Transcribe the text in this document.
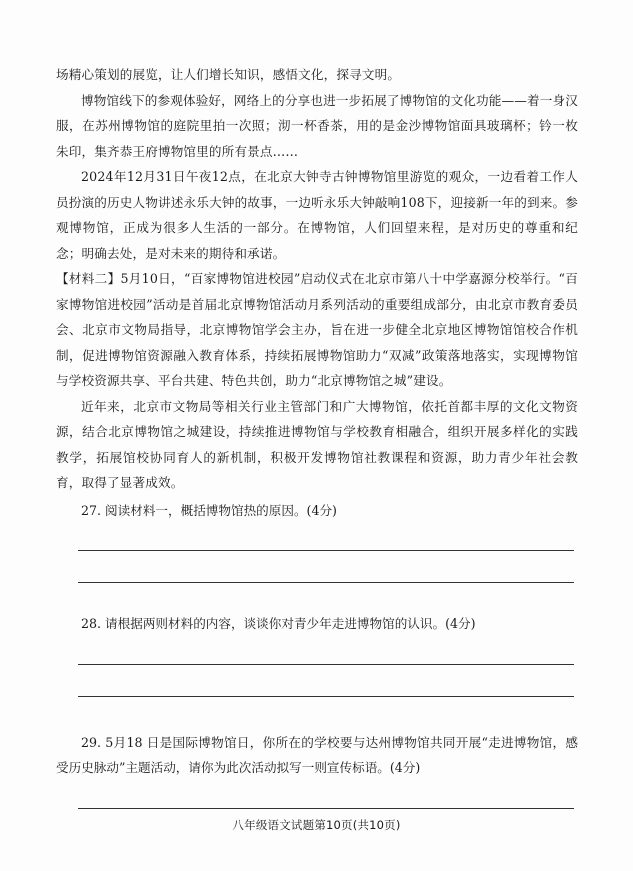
场精心策划的展览，让人们增长知识，感悟文化，探寻文明。

博物馆线下的参观体验好，网络上的分享也进一步拓展了博物馆的文化功能——着一身汉服，在苏州博物馆的庭院里拍一次照；沏一杯香茶，用的是金沙博物馆面具玻璃杯；钤一枚朱印，集齐恭王府博物馆里的所有景点……

2024年12月31日午夜12点，在北京大钟寺古钟博物馆里游览的观众，一边看着工作人员扮演的历史人物讲述永乐大钟的故事，一边听永乐大钟敲响108下，迎接新一年的到来。参观博物馆，正成为很多人生活的一部分。在博物馆，人们回望来程，是对历史的尊重和纪念；明确去处，是对未来的期待和承诺。

【材料二】5月10日，“百家博物馆进校园”启动仪式在北京市第八十中学嘉源分校举行。“百家博物馆进校园”活动是首届北京博物馆活动月系列活动的重要组成部分，由北京市教育委员会、北京市文物局指导，北京博物馆学会主办，旨在进一步健全北京地区博物馆馆校合作机制，促进博物馆资源融入教育体系，持续拓展博物馆助力“双减”政策落地落实，实现博物馆与学校资源共享、平台共建、特色共创，助力“北京博物馆之城”建设。

近年来，北京市文物局等相关行业主管部门和广大博物馆，依托首都丰厚的文化文物资源，结合北京博物馆之城建设，持续推进博物馆与学校教育相融合，组织开展多样化的实践教学，拓展馆校协同育人的新机制，积极开发博物馆社教课程和资源，助力青少年社会教育，取得了显著成效。

27. 阅读材料一，概括博物馆热的原因。(4分)

28. 请根据两则材料的内容，谈谈你对青少年走进博物馆的认识。(4分)

29. 5月18 日是国际博物馆日，你所在的学校要与达州博物馆共同开展“走进博物馆，感受历史脉动”主题活动，请你为此次活动拟写一则宣传标语。(4分)

八年级语文试题第10页(共10页)
